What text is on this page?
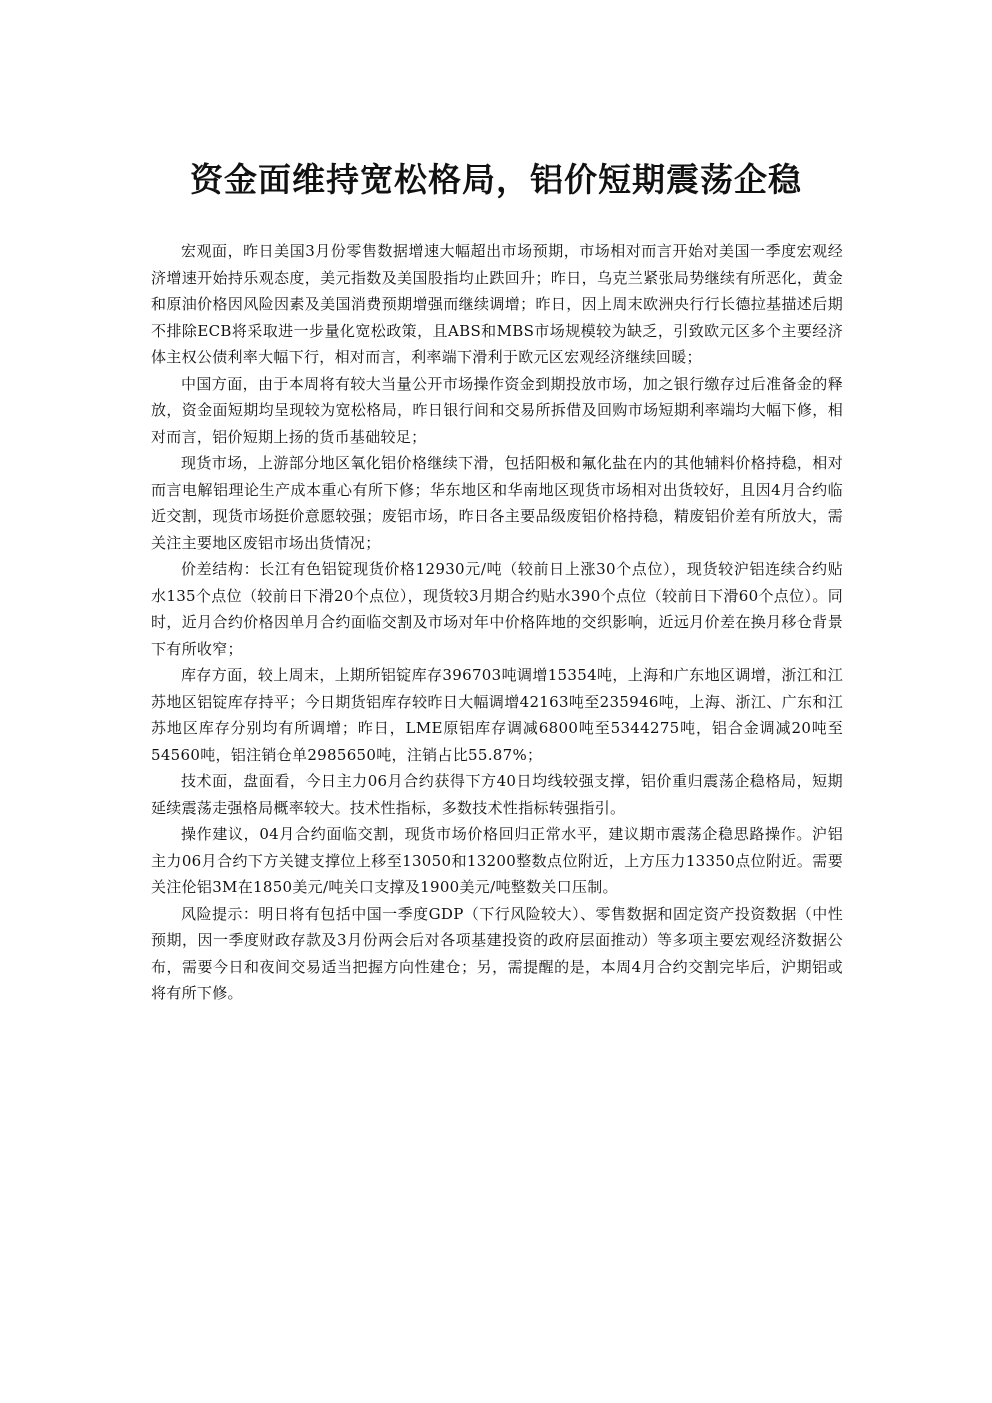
资金面维持宽松格局，铝价短期震荡企稳

宏观面，昨日美国3月份零售数据增速大幅超出市场预期，市场相对而言开始对美国一季度宏观经济增速开始持乐观态度，美元指数及美国股指均止跌回升；昨日，乌克兰紧张局势继续有所恶化，黄金和原油价格因风险因素及美国消费预期增强而继续调增；昨日，因上周末欧洲央行行长德拉基描述后期不排除ECB将采取进一步量化宽松政策，且ABS和MBS市场规模较为缺乏，引致欧元区多个主要经济体主权公债利率大幅下行，相对而言，利率端下滑利于欧元区宏观经济继续回暖；

中国方面，由于本周将有较大当量公开市场操作资金到期投放市场，加之银行缴存过后准备金的释放，资金面短期均呈现较为宽松格局，昨日银行间和交易所拆借及回购市场短期利率端均大幅下修，相对而言，铝价短期上扬的货币基础较足；

现货市场，上游部分地区氧化铝价格继续下滑，包括阳极和氟化盐在内的其他辅料价格持稳，相对而言电解铝理论生产成本重心有所下修；华东地区和华南地区现货市场相对出货较好，且因4月合约临近交割，现货市场挺价意愿较强；废铝市场，昨日各主要品级废铝价格持稳，精废铝价差有所放大，需关注主要地区废铝市场出货情况；

价差结构：长江有色铝锭现货价格12930元/吨（较前日上涨30个点位），现货较沪铝连续合约贴水135个点位（较前日下滑20个点位），现货较3月期合约贴水390个点位（较前日下滑60个点位）。同时，近月合约价格因单月合约面临交割及市场对年中价格阵地的交织影响，近远月价差在换月移仓背景下有所收窄；

库存方面，较上周末，上期所铝锭库存396703吨调增15354吨，上海和广东地区调增，浙江和江苏地区铝锭库存持平；今日期货铝库存较昨日大幅调增42163吨至235946吨，上海、浙江、广东和江苏地区库存分别均有所调增；昨日，LME原铝库存调减6800吨至5344275吨，铝合金调减20吨至54560吨，铝注销仓单2985650吨，注销占比55.87%；

技术面，盘面看，今日主力06月合约获得下方40日均线较强支撑，铝价重归震荡企稳格局，短期延续震荡走强格局概率较大。技术性指标，多数技术性指标转强指引。

操作建议，04月合约面临交割，现货市场价格回归正常水平，建议期市震荡企稳思路操作。沪铝主力06月合约下方关键支撑位上移至13050和13200整数点位附近，上方压力13350点位附近。需要关注伦铝3M在1850美元/吨关口支撑及1900美元/吨整数关口压制。

风险提示：明日将有包括中国一季度GDP（下行风险较大）、零售数据和固定资产投资数据（中性预期，因一季度财政存款及3月份两会后对各项基建投资的政府层面推动）等多项主要宏观经济数据公布，需要今日和夜间交易适当把握方向性建仓；另，需提醒的是，本周4月合约交割完毕后，沪期铝或将有所下修。
